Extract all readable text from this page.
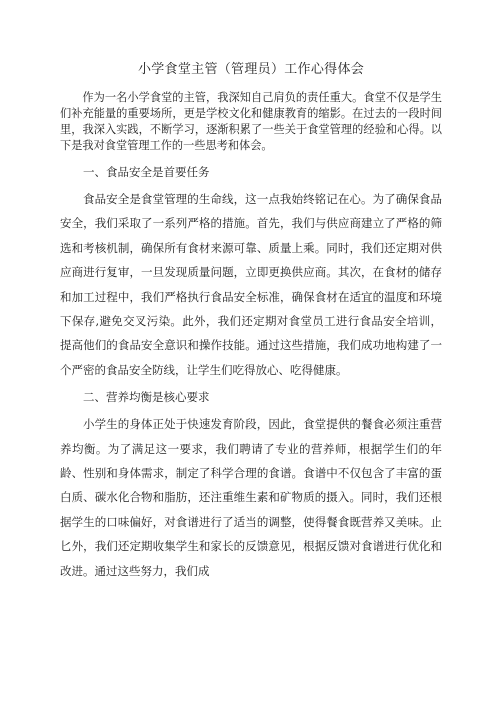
小学食堂主管（管理员）工作心得体会

作为一名小学食堂的主管，我深知自己肩负的责任重大。食堂不仅是学生们补充能量的重要场所，更是学校文化和健康教育的缩影。在过去的一段时间里，我深入实践，不断学习，逐渐积累了一些关于食堂管理的经验和心得。以下是我对食堂管理工作的一些思考和体会。

一、食品安全是首要任务

食品安全是食堂管理的生命线，这一点我始终铭记在心。为了确保食品安全，我们采取了一系列严格的措施。首先，我们与供应商建立了严格的筛选和考核机制，确保所有食材来源可靠、质量上乘。同时，我们还定期对供应商进行复审，一旦发现质量问题，立即更换供应商。其次，在食材的储存和加工过程中，我们严格执行食品安全标准，确保食材在适宜的温度和环境下保存,避免交叉污染。此外，我们还定期对食堂员工进行食品安全培训，提高他们的食品安全意识和操作技能。通过这些措施，我们成功地构建了一个严密的食品安全防线，让学生们吃得放心、吃得健康。

二、营养均衡是核心要求

小学生的身体正处于快速发育阶段，因此，食堂提供的餐食必须注重营养均衡。为了满足这一要求，我们聘请了专业的营养师，根据学生们的年龄、性别和身体需求，制定了科学合理的食谱。食谱中不仅包含了丰富的蛋白质、碳水化合物和脂肪，还注重维生素和矿物质的摄入。同时，我们还根据学生的口味偏好，对食谱进行了适当的调整，使得餐食既营养又美味。止匕外，我们还定期收集学生和家长的反馈意见，根据反馈对食谱进行优化和改进。通过这些努力，我们成
